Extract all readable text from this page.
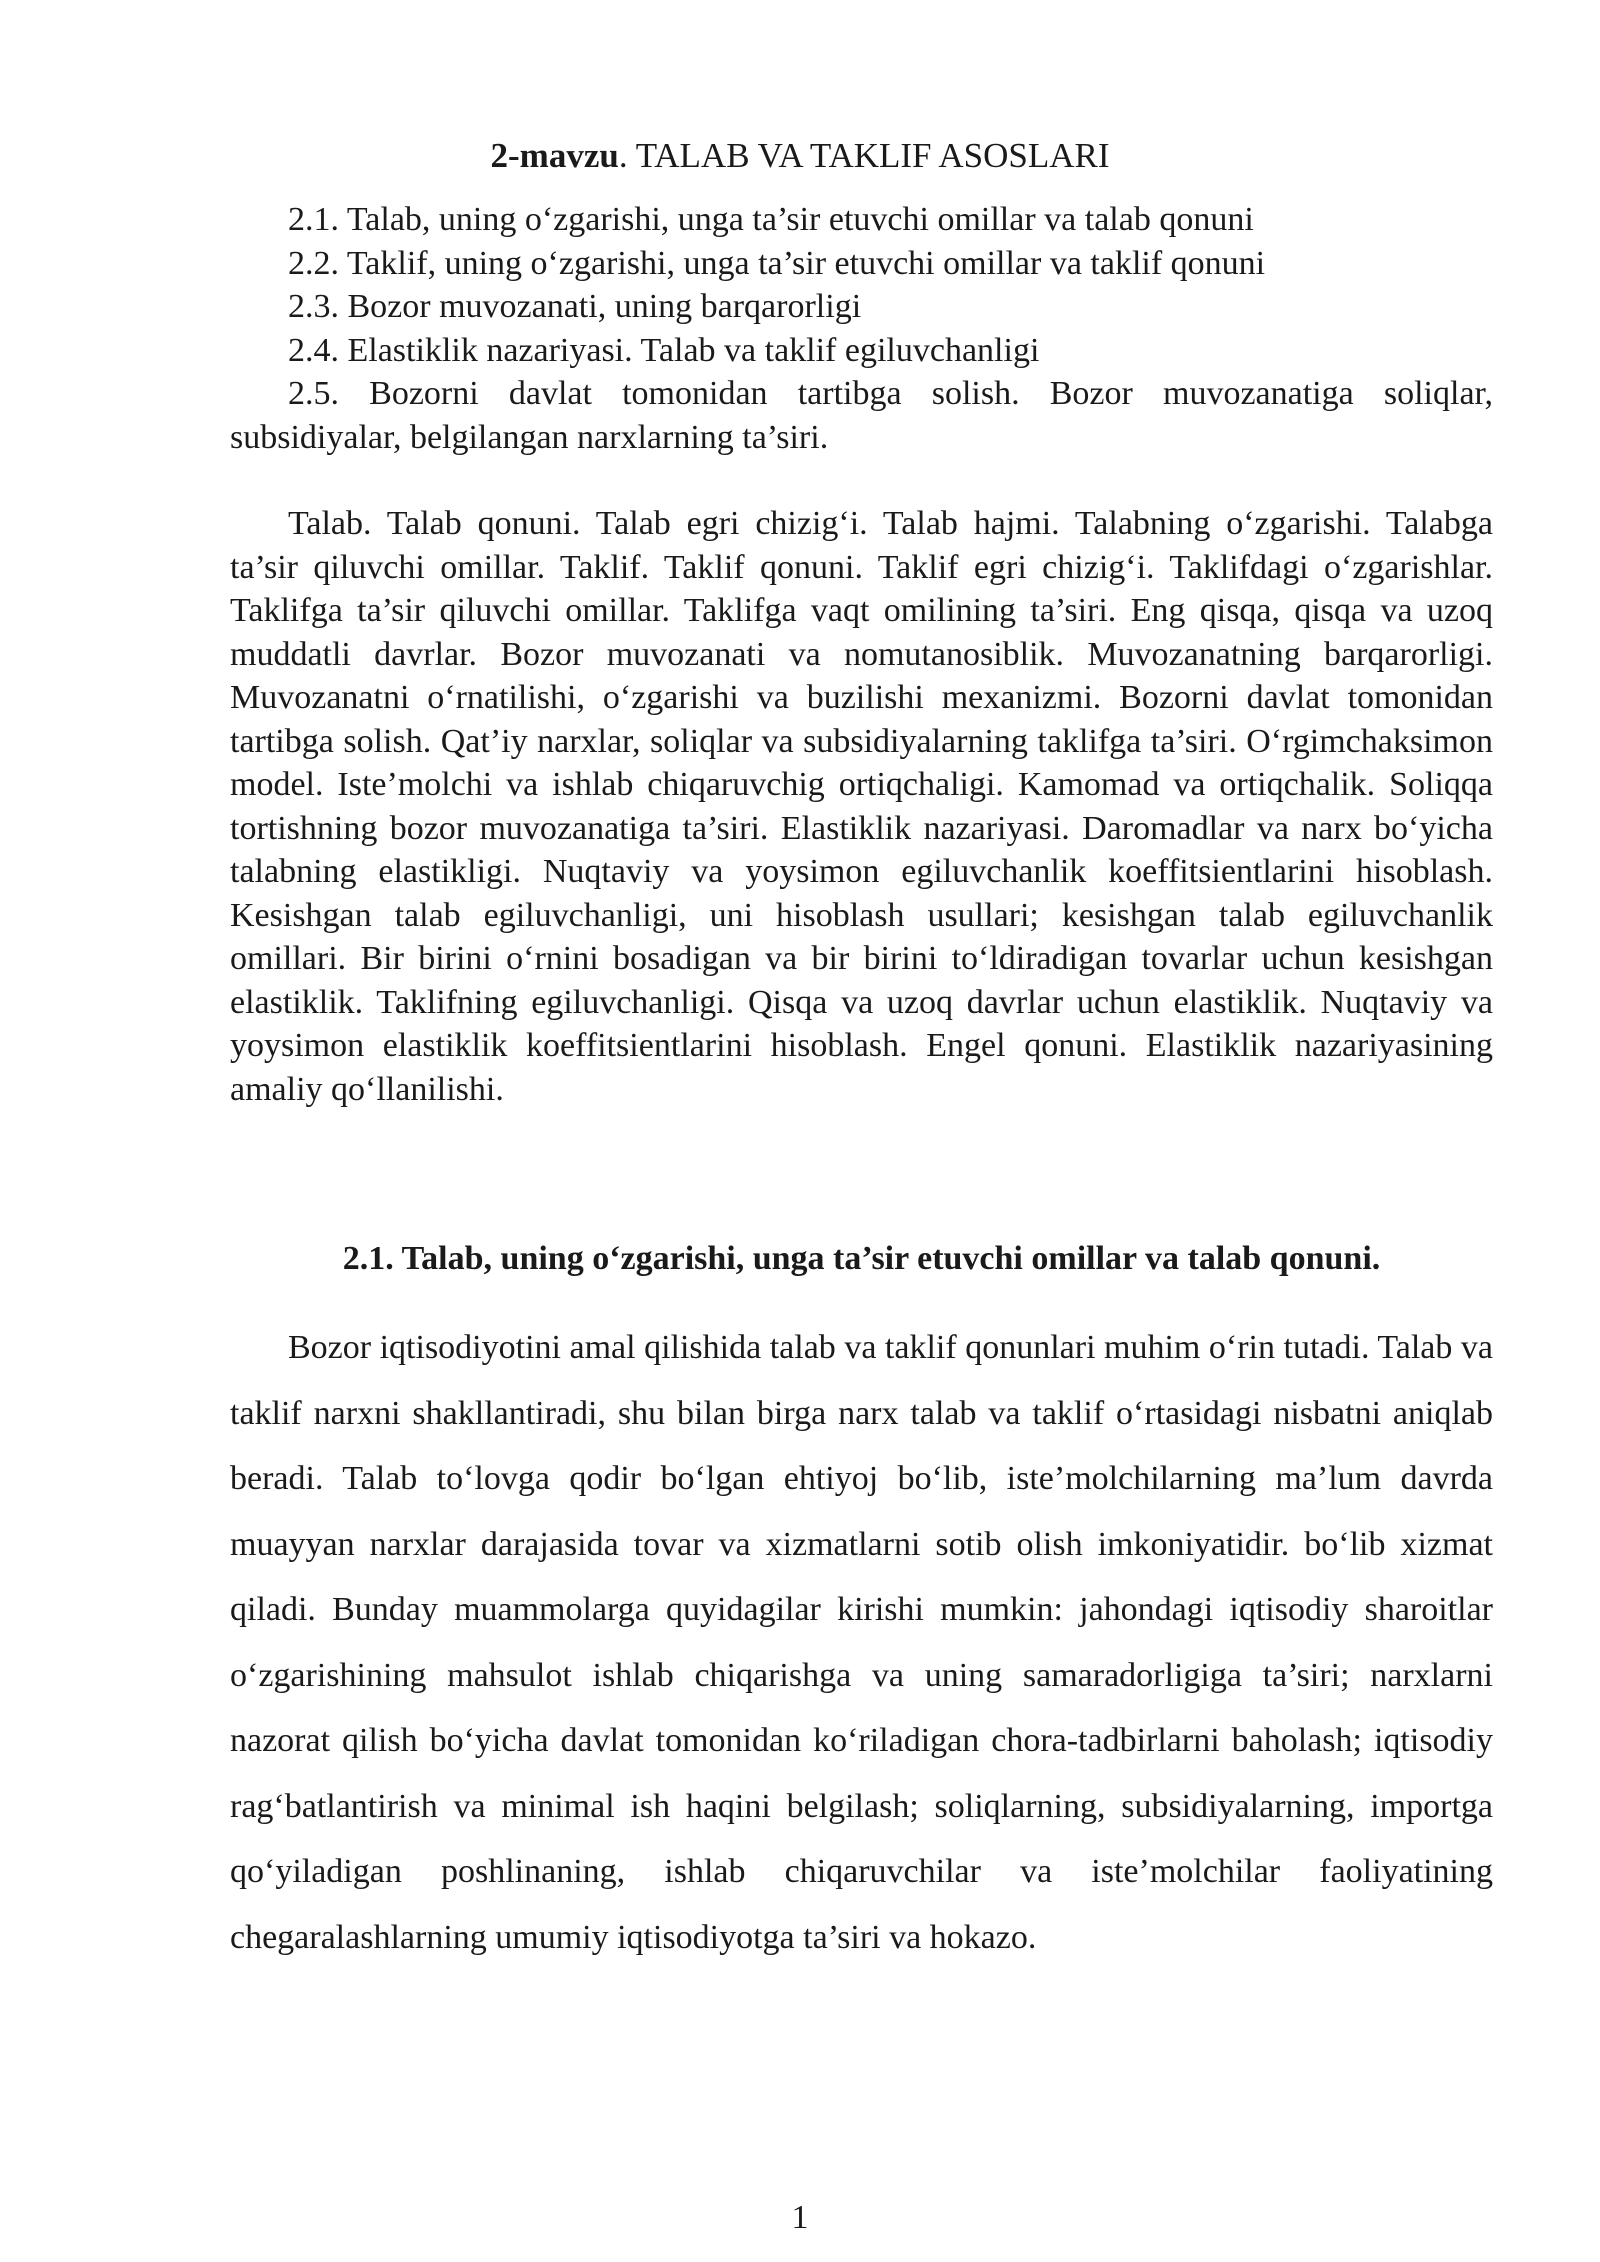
2-mavzu. TALAB VA TAKLIF ASOSLARI

2.1. Talab, uning o‘zgarishi, unga ta’sir etuvchi omillar va talab qonuni

2.2. Taklif, uning o‘zgarishi, unga ta’sir etuvchi omillar va taklif qonuni

2.3. Bozor muvozanati, uning barqarorligi

2.4. Elastiklik nazariyasi. Talab va taklif egiluvchanligi

2.5. Bozorni davlat tomonidan tartibga solish. Bozor muvozanatiga soliqlar, subsidiyalar, belgilangan narxlarning ta’siri.

Talab. Talab qonuni. Talab egri chizig‘i. Talab hajmi. Talabning o‘zgarishi. Talabga ta’sir qiluvchi omillar. Taklif. Taklif qonuni. Taklif egri chizig‘i. Taklifdagi o‘zgarishlar. Taklifga ta’sir qiluvchi omillar. Taklifga vaqt omilining ta’siri. Eng qisqa, qisqa va uzoq muddatli davrlar. Bozor muvozanati va nomutanosiblik. Muvozanatning barqarorligi. Muvozanatni o‘rnatilishi, o‘zgarishi va buzilishi mexanizmi. Bozorni davlat tomonidan tartibga solish. Qat’iy narxlar, soliqlar va subsidiyalarning taklifga ta’siri. O‘rgimchaksimon model. Iste’molchi va ishlab chiqaruvchig ortiqchaligi. Kamomad va ortiqchalik. Soliqqa tortishning bozor muvozanatiga ta’siri. Elastiklik nazariyasi. Daromadlar va narx bo‘yicha talabning elastikligi. Nuqtaviy va yoysimon egiluvchanlik koeffitsientlarini hisoblash. Kesishgan talab egiluvchanligi, uni hisoblash usullari; kesishgan talab egiluvchanlik omillari. Bir birini o‘rnini bosadigan va bir birini to‘ldiradigan tovarlar uchun kesishgan elastiklik. Taklifning egiluvchanligi. Qisqa va uzoq davrlar uchun elastiklik. Nuqtaviy va yoysimon elastiklik koeffitsientlarini hisoblash. Engel qonuni. Elastiklik nazariyasining amaliy qo‘llanilishi.

2.1. Talab, uning o‘zgarishi, unga ta’sir etuvchi omillar va talab qonuni.

Bozor iqtisodiyotini amal qilishida talab va taklif qonunlari muhim o‘rin tutadi. Talab va taklif narxni shakllantiradi, shu bilan birga narx talab va taklif o‘rtasidagi nisbatni aniqlab beradi. Talab to‘lovga qodir bo‘lgan ehtiyoj bo‘lib, iste’molchilarning ma’lum davrda muayyan narxlar darajasida tovar va xizmatlarni sotib olish imkoniyatidir. bo‘lib xizmat qiladi. Bunday muammolarga quyidagilar kirishi mumkin: jahondagi iqtisodiy sharoitlar o‘zgarishining mahsulot ishlab chiqarishga va uning samaradorligiga ta’siri; narxlarni nazorat qilish bo‘yicha davlat tomonidan ko‘riladigan chora-tadbirlarni baholash; iqtisodiy rag‘batlantirish va minimal ish haqini belgilash; soliqlarning, subsidiyalarning, importga qo‘yiladigan poshlinaning, ishlab chiqaruvchilar va iste’molchilar faoliyatining chegaralashlarning umumiy iqtisodiyotga ta’siri va hokazo.

1
